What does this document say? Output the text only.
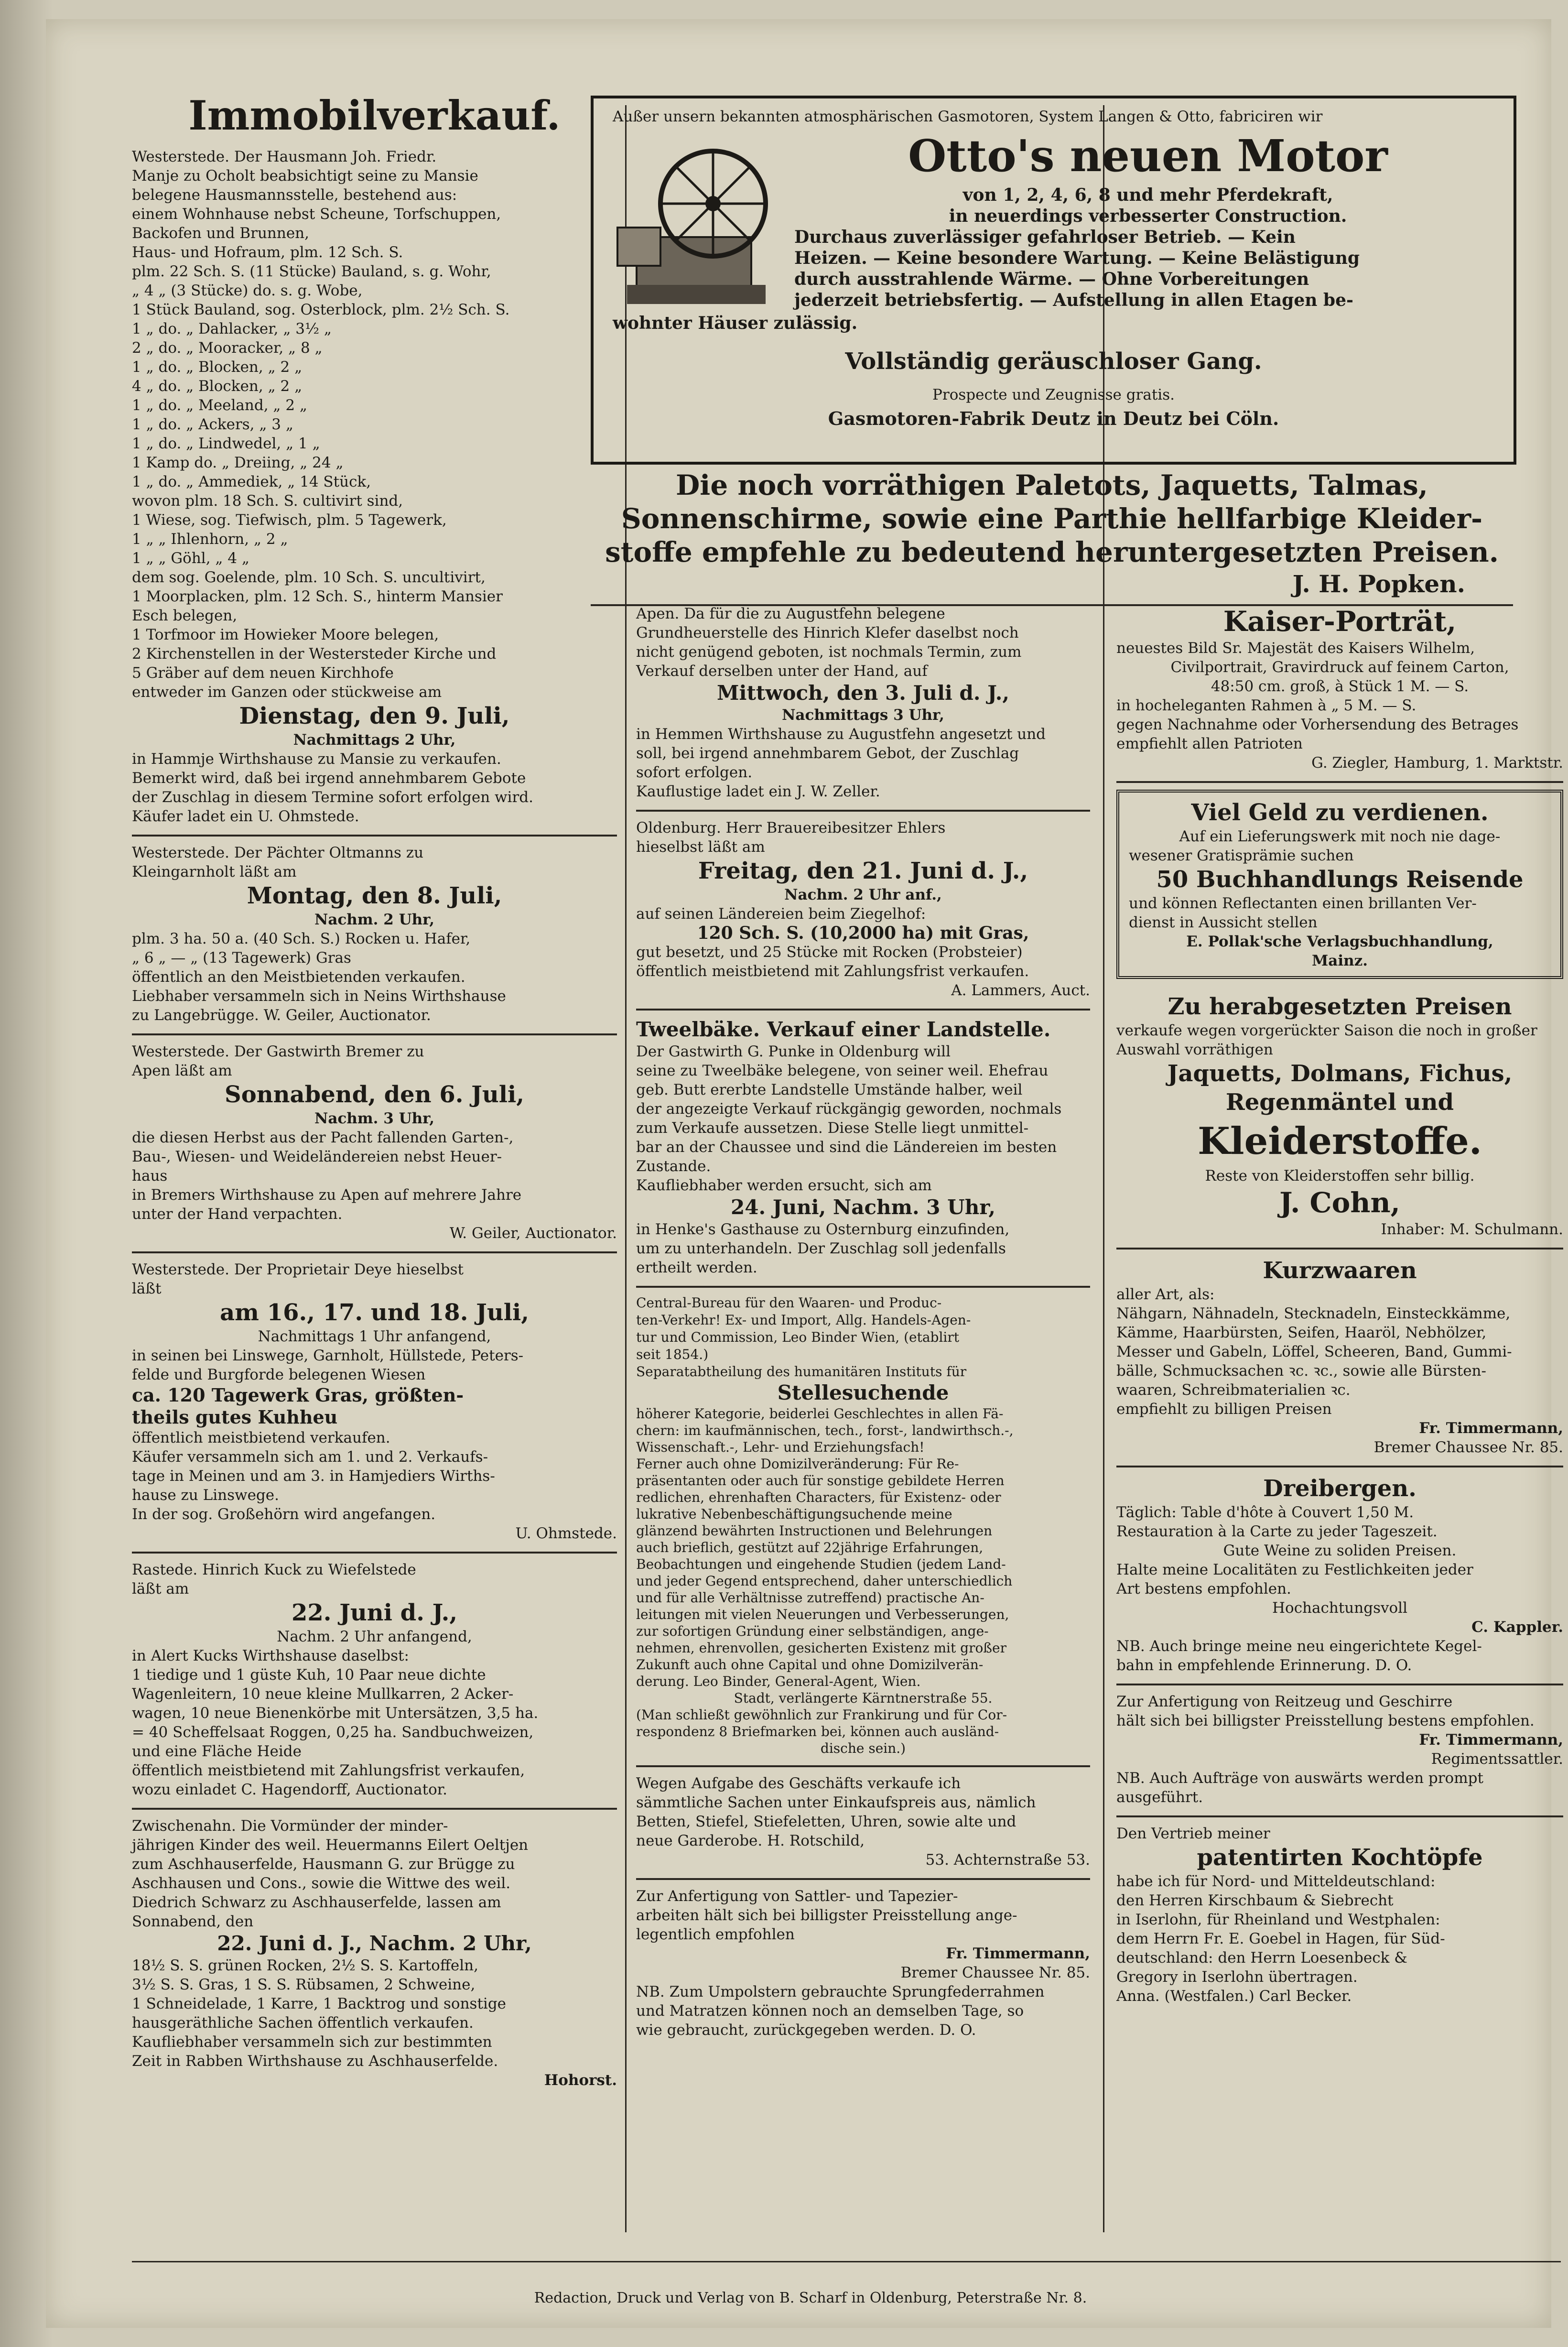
Immobilverkauf.

Westerstede. Der Hausmann Joh. Friedr.

Manje zu Ocholt beabsichtigt seine zu Mansie

belegene Hausmannsstelle, bestehend aus:

einem Wohnhause nebst Scheune, Torfschuppen,

Backofen und Brunnen,

Haus- und Hofraum, plm. 12 Sch. S.

plm. 22 Sch. S. (11 Stücke) Bauland, s. g. Wohr,

„ 4 „ (3 Stücke) do. s. g. Wobe,

1 Stück Bauland, sog. Osterblock, plm. 2½ Sch. S.

1 „ do. „ Dahlacker, „ 3½ „

2 „ do. „ Mooracker, „ 8 „

1 „ do. „ Blocken, „ 2 „

4 „ do. „ Blocken, „ 2 „

1 „ do. „ Meeland, „ 2 „

1 „ do. „ Ackers, „ 3 „

1 „ do. „ Lindwedel, „ 1 „

1 Kamp do. „ Dreiing, „ 24 „

1 „ do. „ Ammediek, „ 14 Stück,

wovon plm. 18 Sch. S. cultivirt sind,

1 Wiese, sog. Tiefwisch, plm. 5 Tagewerk,

1 „ „ Ihlenhorn, „ 2 „

1 „ „ Göhl, „ 4 „

dem sog. Goelende, plm. 10 Sch. S. uncultivirt,

1 Moorplacken, plm. 12 Sch. S., hinterm Mansier

Esch belegen,

1 Torfmoor im Howieker Moore belegen,

2 Kirchenstellen in der Westersteder Kirche und

5 Gräber auf dem neuen Kirchhofe

entweder im Ganzen oder stückweise am

Dienstag, den 9. Juli,

Nachmittags 2 Uhr,

in Hammje Wirthshause zu Mansie zu verkaufen.

Bemerkt wird, daß bei irgend annehmbarem Gebote

der Zuschlag in diesem Termine sofort erfolgen wird.

Käufer ladet ein U. Ohmstede.

Westerstede. Der Pächter Oltmanns zu

Kleingarnholt läßt am

Montag, den 8. Juli,

Nachm. 2 Uhr,

plm. 3 ha. 50 a. (40 Sch. S.) Rocken u. Hafer,

„ 6 „ — „ (13 Tagewerk) Gras

öffentlich an den Meistbietenden verkaufen.

Liebhaber versammeln sich in Neins Wirthshause

zu Langebrügge. W. Geiler, Auctionator.

Westerstede. Der Gastwirth Bremer zu

Apen läßt am

Sonnabend, den 6. Juli,

Nachm. 3 Uhr,

die diesen Herbst aus der Pacht fallenden Garten-,

Bau-, Wiesen- und Weideländereien nebst Heuer-

haus

in Bremers Wirthshause zu Apen auf mehrere Jahre

unter der Hand verpachten.

W. Geiler, Auctionator.

Westerstede. Der Proprietair Deye hieselbst

läßt

am 16., 17. und 18. Juli,

Nachmittags 1 Uhr anfangend,

in seinen bei Linswege, Garnholt, Hüllstede, Peters-

felde und Burgforde belegenen Wiesen

ca. 120 Tagewerk Gras, größten-

theils gutes Kuhheu

öffentlich meistbietend verkaufen.

Käufer versammeln sich am 1. und 2. Verkaufs-

tage in Meinen und am 3. in Hamjediers Wirths-

hause zu Linswege.

In der sog. Großehörn wird angefangen.

U. Ohmstede.

Rastede. Hinrich Kuck zu Wiefelstede

läßt am

22. Juni d. J.,

Nachm. 2 Uhr anfangend,

in Alert Kucks Wirthshause daselbst:

1 tiedige und 1 güste Kuh, 10 Paar neue dichte

Wagenleitern, 10 neue kleine Mullkarren, 2 Acker-

wagen, 10 neue Bienenkörbe mit Untersätzen, 3,5 ha.

= 40 Scheffelsaat Roggen, 0,25 ha. Sandbuchweizen,

und eine Fläche Heide

öffentlich meistbietend mit Zahlungsfrist verkaufen,

wozu einladet C. Hagendorff, Auctionator.

Zwischenahn. Die Vormünder der minder-

jährigen Kinder des weil. Heuermanns Eilert Oeltjen

zum Aschhauserfelde, Hausmann G. zur Brügge zu

Aschhausen und Cons., sowie die Wittwe des weil.

Diedrich Schwarz zu Aschhauserfelde, lassen am

Sonnabend, den

22. Juni d. J., Nachm. 2 Uhr,

18½ S. S. grünen Rocken, 2½ S. S. Kartoffeln,

3½ S. S. Gras, 1 S. S. Rübsamen, 2 Schweine,

1 Schneidelade, 1 Karre, 1 Backtrog und sonstige

hausgeräthliche Sachen öffentlich verkaufen.

Kaufliebhaber versammeln sich zur bestimmten

Zeit in Rabben Wirthshause zu Aschhauserfelde.

Hohorst.

Außer unsern bekannten atmosphärischen Gasmotoren, System Langen & Otto, fabriciren wir

Otto's neuen Motor

von 1, 2, 4, 6, 8 und mehr Pferdekraft,

in neuerdings verbesserter Construction.

Durchaus zuverlässiger gefahrloser Betrieb. — Kein

Heizen. — Keine besondere Wartung. — Keine Belästigung

durch ausstrahlende Wärme. — Ohne Vorbereitungen

jederzeit betriebsfertig. — Aufstellung in allen Etagen be-

wohnter Häuser zulässig.

Vollständig geräuschloser Gang.

Prospecte und Zeugnisse gratis.

Gasmotoren-Fabrik Deutz in Deutz bei Cöln.

Die noch vorräthigen Paletots, Jaquetts, Talmas,

Sonnenschirme, sowie eine Parthie hellfarbige Kleider-

stoffe empfehle zu bedeutend heruntergesetzten Preisen.

J. H. Popken.

Apen. Da für die zu Augustfehn belegene

Grundheuerstelle des Hinrich Klefer daselbst noch

nicht genügend geboten, ist nochmals Termin, zum

Verkauf derselben unter der Hand, auf

Mittwoch, den 3. Juli d. J.,

Nachmittags 3 Uhr,

in Hemmen Wirthshause zu Augustfehn angesetzt und

soll, bei irgend annehmbarem Gebot, der Zuschlag

sofort erfolgen.

Kauflustige ladet ein J. W. Zeller.

Oldenburg. Herr Brauereibesitzer Ehlers

hieselbst läßt am

Freitag, den 21. Juni d. J.,

Nachm. 2 Uhr anf.,

auf seinen Ländereien beim Ziegelhof:

120 Sch. S. (10,2000 ha) mit Gras,

gut besetzt, und 25 Stücke mit Rocken (Probsteier)

öffentlich meistbietend mit Zahlungsfrist verkaufen.

A. Lammers, Auct.

Tweelbäke. Verkauf einer Landstelle.

Der Gastwirth G. Punke in Oldenburg will

seine zu Tweelbäke belegene, von seiner weil. Ehefrau

geb. Butt ererbte Landstelle Umstände halber, weil

der angezeigte Verkauf rückgängig geworden, nochmals

zum Verkaufe aussetzen. Diese Stelle liegt unmittel-

bar an der Chaussee und sind die Ländereien im besten

Zustande.

Kaufliebhaber werden ersucht, sich am

24. Juni, Nachm. 3 Uhr,

in Henke's Gasthause zu Osternburg einzufinden,

um zu unterhandeln. Der Zuschlag soll jedenfalls

ertheilt werden.

Central-Bureau für den Waaren- und Produc-

ten-Verkehr! Ex- und Import, Allg. Handels-Agen-

tur und Commission, Leo Binder Wien, (etablirt

seit 1854.)

Separatabtheilung des humanitären Instituts für

Stellesuchende

höherer Kategorie, beiderlei Geschlechtes in allen Fä-

chern: im kaufmännischen, tech., forst-, landwirthsch.-,

Wissenschaft.-, Lehr- und Erziehungsfach!

Ferner auch ohne Domizilveränderung: Für Re-

präsentanten oder auch für sonstige gebildete Herren

redlichen, ehrenhaften Characters, für Existenz- oder

lukrative Nebenbeschäftigungsuchende meine

glänzend bewährten Instructionen und Belehrungen

auch brieflich, gestützt auf 22jährige Erfahrungen,

Beobachtungen und eingehende Studien (jedem Land-

und jeder Gegend entsprechend, daher unterschiedlich

und für alle Verhältnisse zutreffend) practische An-

leitungen mit vielen Neuerungen und Verbesserungen,

zur sofortigen Gründung einer selbständigen, ange-

nehmen, ehrenvollen, gesicherten Existenz mit großer

Zukunft auch ohne Capital und ohne Domizilverän-

derung. Leo Binder, General-Agent, Wien.

Stadt, verlängerte Kärntnerstraße 55.

(Man schließt gewöhnlich zur Frankirung und für Cor-

respondenz 8 Briefmarken bei, können auch ausländ-

dische sein.)

Wegen Aufgabe des Geschäfts verkaufe ich

sämmtliche Sachen unter Einkaufspreis aus, nämlich

Betten, Stiefel, Stiefeletten, Uhren, sowie alte und

neue Garderobe. H. Rotschild,

53. Achternstraße 53.

Zur Anfertigung von Sattler- und Tapezier-

arbeiten hält sich bei billigster Preisstellung ange-

legentlich empfohlen

Fr. Timmermann,

Bremer Chaussee Nr. 85.

NB. Zum Umpolstern gebrauchte Sprungfederrahmen

und Matratzen können noch an demselben Tage, so

wie gebraucht, zurückgegeben werden. D. O.

Kaiser-Porträt,

neuestes Bild Sr. Majestät des Kaisers Wilhelm,

Civilportrait, Gravirdruck auf feinem Carton,

48:50 cm. groß, à Stück 1 M. — S.

in hocheleganten Rahmen à „ 5 M. — S.

gegen Nachnahme oder Vorhersendung des Betrages

empfiehlt allen Patrioten

G. Ziegler, Hamburg, 1. Marktstr.

Viel Geld zu verdienen.

Auf ein Lieferungswerk mit noch nie dage-

wesener Gratisprämie suchen

50 Buchhandlungs Reisende

und können Reflectanten einen brillanten Ver-

dienst in Aussicht stellen

E. Pollak'sche Verlagsbuchhandlung,

Mainz.

Zu herabgesetzten Preisen

verkaufe wegen vorgerückter Saison die noch in großer

Auswahl vorräthigen

Jaquetts, Dolmans, Fichus, Regenmäntel und

Kleiderstoffe.

Reste von Kleiderstoffen sehr billig.

J. Cohn,

Inhaber: M. Schulmann.

Kurzwaaren

aller Art, als:

Nähgarn, Nähnadeln, Stecknadeln, Einsteckkämme,

Kämme, Haarbürsten, Seifen, Haaröl, Nebhölzer,

Messer und Gabeln, Löffel, Scheeren, Band, Gummi-

bälle, Schmucksachen ꝛc. ꝛc., sowie alle Bürsten-

waaren, Schreibmaterialien ꝛc.

empfiehlt zu billigen Preisen

Fr. Timmermann,

Bremer Chaussee Nr. 85.

Dreibergen.

Täglich: Table d'hôte à Couvert 1,50 M.

Restauration à la Carte zu jeder Tageszeit.

Gute Weine zu soliden Preisen.

Halte meine Localitäten zu Festlichkeiten jeder

Art bestens empfohlen.

Hochachtungsvoll

C. Kappler.

NB. Auch bringe meine neu eingerichtete Kegel-

bahn in empfehlende Erinnerung. D. O.

Zur Anfertigung von Reitzeug und Geschirre

hält sich bei billigster Preisstellung bestens empfohlen.

Fr. Timmermann,

Regimentssattler.

NB. Auch Aufträge von auswärts werden prompt

ausgeführt.

Den Vertrieb meiner

patentirten Kochtöpfe

habe ich für Nord- und Mitteldeutschland:

den Herren Kirschbaum & Siebrecht

in Iserlohn, für Rheinland und Westphalen:

dem Herrn Fr. E. Goebel in Hagen, für Süd-

deutschland: den Herrn Loesenbeck &

Gregory in Iserlohn übertragen.

Anna. (Westfalen.) Carl Becker.

Redaction, Druck und Verlag von B. Scharf in Oldenburg, Peterstraße Nr. 8.
